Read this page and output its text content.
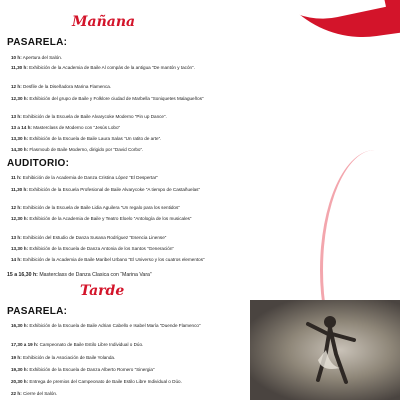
Mañana
PASARELA:
10 h: Apertura del Salón.
11,30 h: Exhibición de la Academia de Baile Al compás de la antigua “De mantón y tacón”.
12 h: Desfile de la Diseñadora Marina Flamenca.
12,30 h: Exhibición del grupo de Baile y Folklore ciudad de Marbella “Soniquetes Malagueños”
13 h: Exhibición de la Escuela de Baile Alvarycoke Moderno “Pin up Dance”.
13 a 14 h: Masterclass de Moderno con “Jesús Lobo”
13,30 h: Exhibición de la Escuela de Baile Laura Salas “Un ratito de arte”.
14,30 h: Flasmoub de Baile Moderno, dirigido por “David Corbo”.
AUDITORIO:
11 h: Exhibición de la Academia de Danza Cristina López “El Despertar”
11,30 h: Exhibición de la Escuela Profesional de Baile Alvarycoke “A tiempo de Castañuelas”
12 h: Exhibición de la Escuela de Baile Lidia Aguilera “Un regalo para los sentidos”
12,30 h: Exhibición de la Academia de Baile y Teatro Eloelo “Antología de los musicales”
13 h: Exhibición del Estudio de Danza Susana Rodríguez “Esencia Linense”
13,30 h: Exhibición de la Escuela de Danza Antonia de los Santos “Generación”
14 h: Exhibición de la Academia de Baile Maribel Urbano “El Universo y los cuatros elementos”
15 a 16,30 h: Masterclass de Danza Clasica con “Marina Vara”
Tarde
PASARELA:
16,30 h: Exhibición de la Escuela de Baile Adrian Cabello e Isabel María “Duende Flamenco”
17,30 a 19 h: Campeonato de Baile Estilo Libre Individual o Dúo.
19 h: Exhibición de la Asociación de Baile Yolanda.
19,30 h: Exhibición de la Escuela de Danza Alberto Romero “Sinergia”
20,30 h: Entrega de premios del Campeonato de Baile Estilo Libre Individual o Dúo.
22 h: Cierre del Salón.
